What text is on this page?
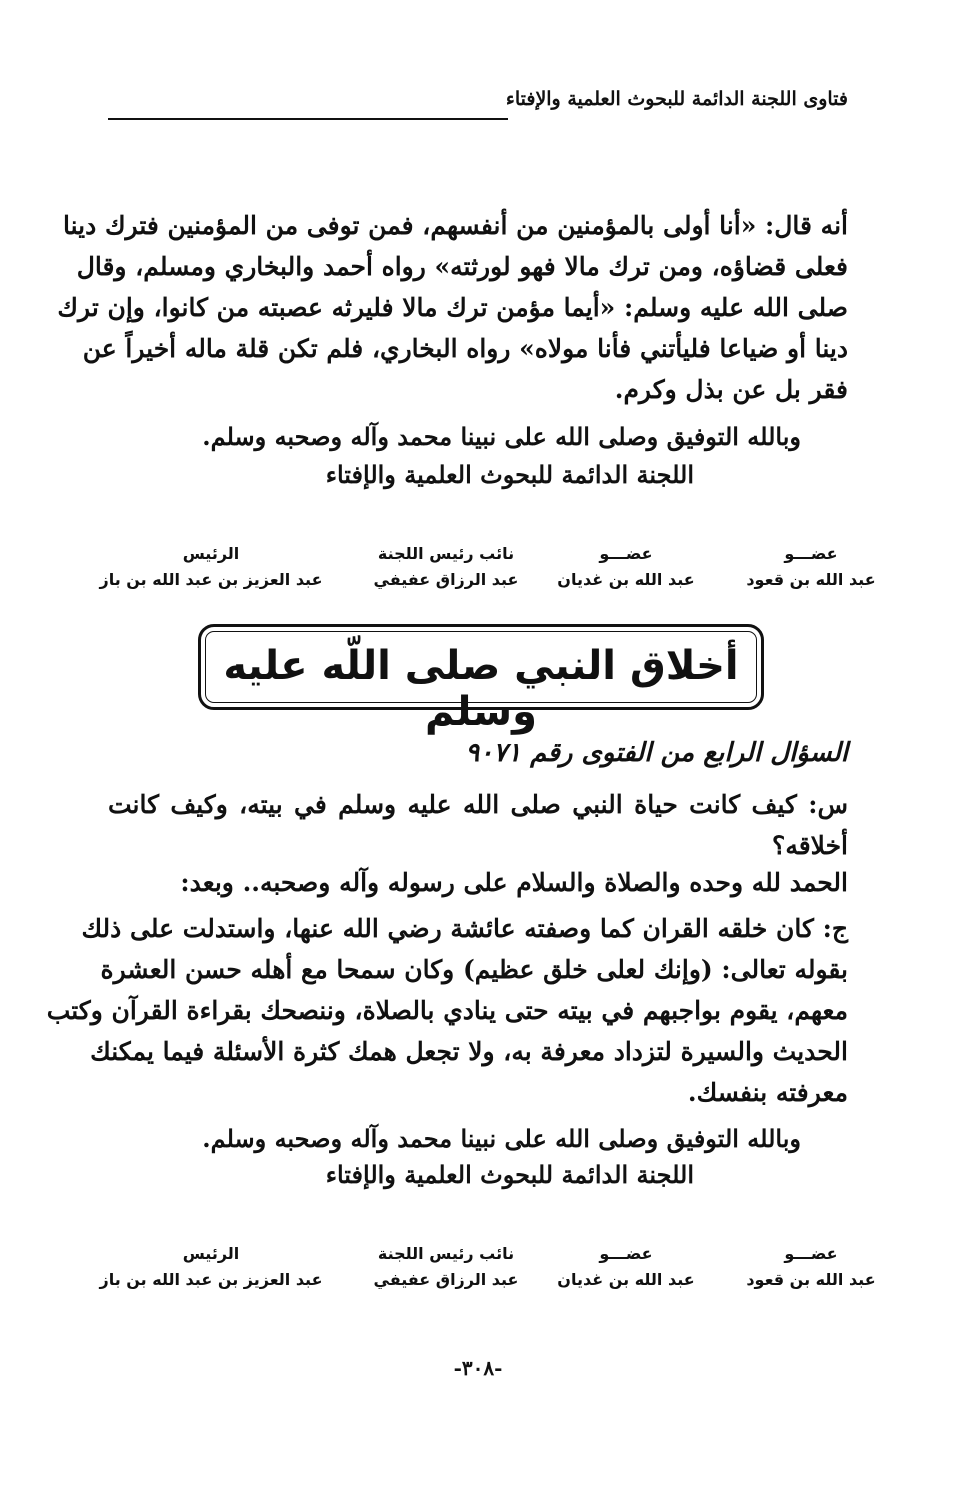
فتاوى اللجنة الدائمة للبحوث العلمية والإفتاء
أنه قال: «أنا أولى بالمؤمنين من أنفسهم، فمن توفى من المؤمنين فترك دينا
فعلى قضاؤه، ومن ترك مالا فهو لورثته» رواه أحمد والبخاري ومسلم، وقال
صلى الله عليه وسلم: «أيما مؤمن ترك مالا فليرثه عصبته من كانوا، وإن ترك
دينا أو ضياعا فليأتني فأنا مولاه» رواه البخاري، فلم تكن قلة ماله أخيراً عن
فقر بل عن بذل وكرم.
وبالله التوفيق وصلى الله على نبينا محمد وآله وصحبه وسلم.
اللجنة الدائمة للبحوث العلمية والإفتاء
عضـــو
عبد الله بن قعود
عضـــو
عبد الله بن غديان
نائب رئيس اللجنة
عبد الرزاق عفيفي
الرئيس
عبد العزيز بن عبد الله بن باز
أخلاق النبي صلى اللّه عليه وسلم
السؤال الرابع من الفتوى رقم ٩٠٧١
س: كيف كانت حياة النبي صلى الله عليه وسلم في بيته، وكيف كانت
أخلاقه؟
الحمد لله وحده والصلاة والسلام على رسوله وآله وصحبه.. وبعد:
ج: كان خلقه القران كما وصفته عائشة رضي الله عنها، واستدلت على ذلك
بقوله تعالى: (وإنك لعلى خلق عظيم) وكان سمحا مع أهله حسن العشرة
معهم، يقوم بواجبهم في بيته حتى ينادي بالصلاة، وننصحك بقراءة القرآن وكتب
الحديث والسيرة لتزداد معرفة به، ولا تجعل همك كثرة الأسئلة فيما يمكنك
معرفته بنفسك.
وبالله التوفيق وصلى الله على نبينا محمد وآله وصحبه وسلم.
اللجنة الدائمة للبحوث العلمية والإفتاء
عضـــو
عبد الله بن قعود
عضـــو
عبد الله بن غديان
نائب رئيس اللجنة
عبد الرزاق عفيفي
الرئيس
عبد العزيز بن عبد الله بن باز
-٣٠٨-
